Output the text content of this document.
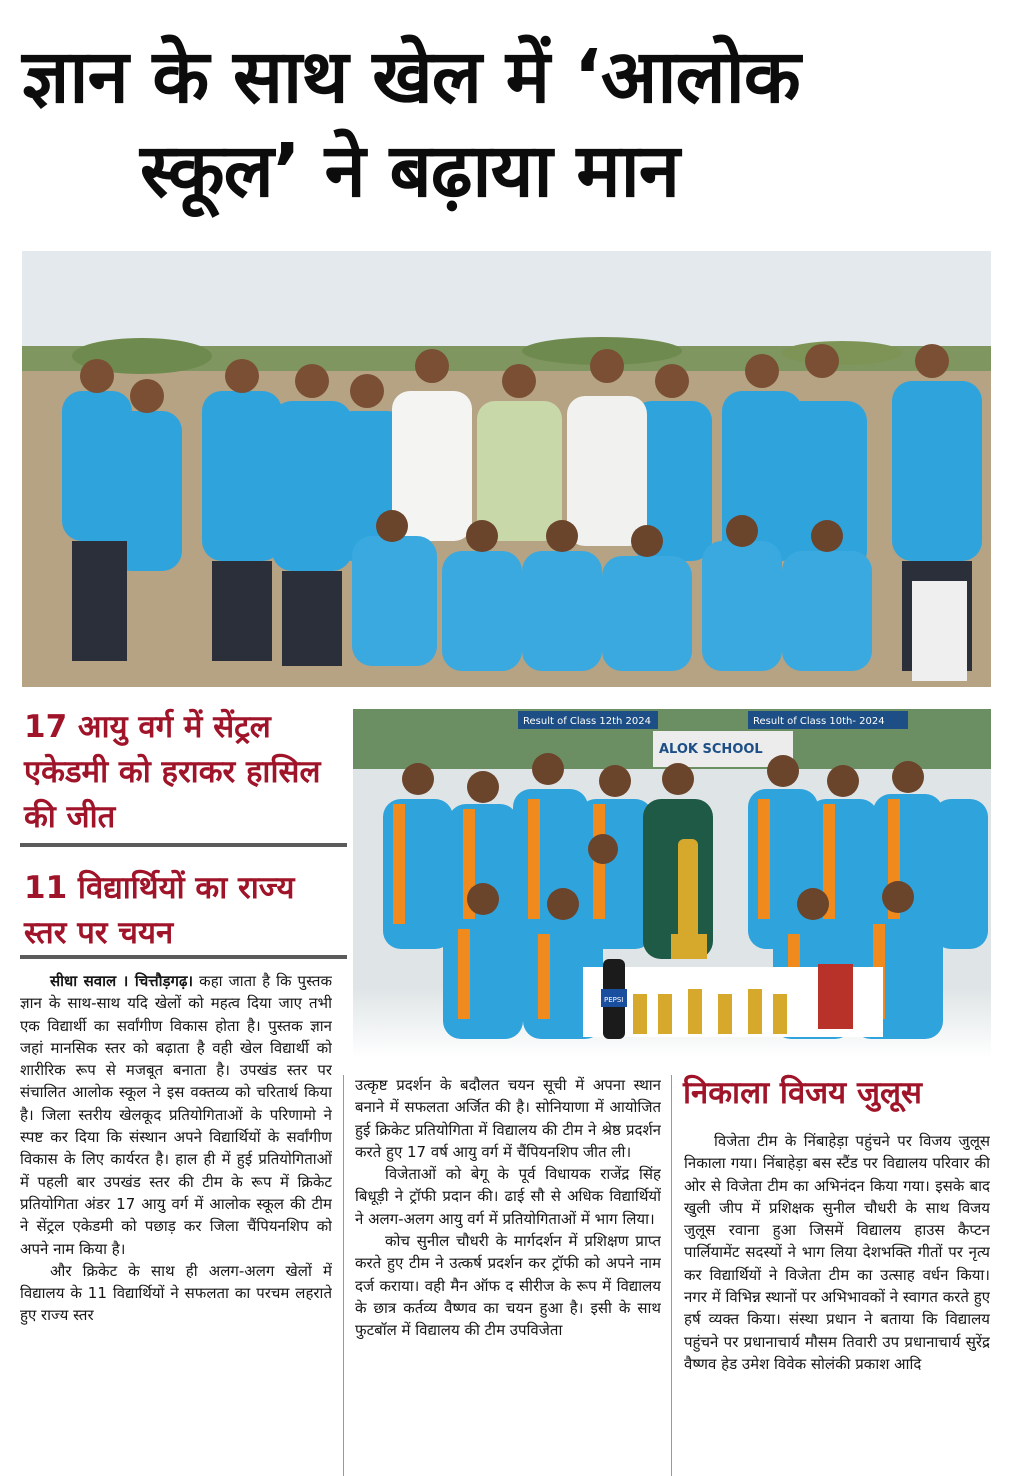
ज्ञान के साथ खेल में ‘आलोक
स्कूल’ ने बढ़ाया मान
17 आयु वर्ग में सेंट्रल एकेडमी को हराकर हासिल की जीत
11 विद्यार्थियों का राज्य स्तर पर चयन
Result of Class 12th 2024	Result of Class 10th- 2024
ALOK SCHOOL
PEPSI

सीधा सवाल । चित्तौड़गढ़। कहा जाता है कि पुस्तक ज्ञान के साथ-साथ यदि खेलों को महत्व दिया जाए तभी एक विद्यार्थी का सर्वांगीण विकास होता है। पुस्तक ज्ञान जहां मानसिक स्तर को बढ़ाता है वही खेल विद्यार्थी को शारीरिक रूप से मजबूत बनाता है। उपखंड स्तर पर संचालित आलोक स्कूल ने इस वक्तव्य को चरितार्थ किया है। जिला स्तरीय खेलकूद प्रतियोगिताओं के परिणामो ने स्पष्ट कर दिया कि संस्थान अपने विद्यार्थियों के सर्वांगीण विकास के लिए कार्यरत है। हाल ही में हुई प्रतियोगिताओं में पहली बार उपखंड स्तर की टीम के रूप में क्रिकेट प्रतियोगिता अंडर 17 आयु वर्ग में आलोक स्कूल की टीम ने सेंट्रल एकेडमी को पछाड़ कर जिला चैंपियनशिप को अपने नाम किया है।

और क्रिकेट के साथ ही अलग-अलग खेलों में विद्यालय के 11 विद्यार्थियों ने सफलता का परचम लहराते हुए राज्य स्तर

उत्कृष्ट प्रदर्शन के बदौलत चयन सूची में अपना स्थान बनाने में सफलता अर्जित की है। सोनियाणा में आयोजित हुई क्रिकेट प्रतियोगिता में विद्यालय की टीम ने श्रेष्ठ प्रदर्शन करते हुए 17 वर्ष आयु वर्ग में चैंपियनशिप जीत ली।

विजेताओं को बेगू के पूर्व विधायक राजेंद्र सिंह बिधूड़ी ने ट्रॉफी प्रदान की। ढाई सौ से अधिक विद्यार्थियों ने अलग-अलग आयु वर्ग में प्रतियोगिताओं में भाग लिया।

कोच सुनील चौधरी के मार्गदर्शन में प्रशिक्षण प्राप्त करते हुए टीम ने उत्कर्ष प्रदर्शन कर ट्रॉफी को अपने नाम दर्ज कराया। वही मैन ऑफ द सीरीज के रूप में विद्यालय के छात्र कर्तव्य वैष्णव का चयन हुआ है। इसी के साथ फुटबॉल में विद्यालय की टीम उपविजेता

निकाला विजय जुलूस

विजेता टीम के निंबाहेड़ा पहुंचने पर विजय जुलूस निकाला गया। निंबाहेड़ा बस स्टैंड पर विद्यालय परिवार की ओर से विजेता टीम का अभिनंदन किया गया। इसके बाद खुली जीप में प्रशिक्षक सुनील चौधरी के साथ विजय जुलूस रवाना हुआ जिसमें विद्यालय हाउस कैप्टन पार्लियामेंट सदस्यों ने भाग लिया देशभक्ति गीतों पर नृत्य कर विद्यार्थियों ने विजेता टीम का उत्साह वर्धन किया। नगर में विभिन्न स्थानों पर अभिभावकों ने स्वागत करते हुए हर्ष व्यक्त किया। संस्था प्रधान ने बताया कि विद्यालय पहुंचने पर प्रधानाचार्य मौसम तिवारी उप प्रधानाचार्य सुरेंद्र वैष्णव हेड उमेश विवेक सोलंकी प्रकाश आदि
